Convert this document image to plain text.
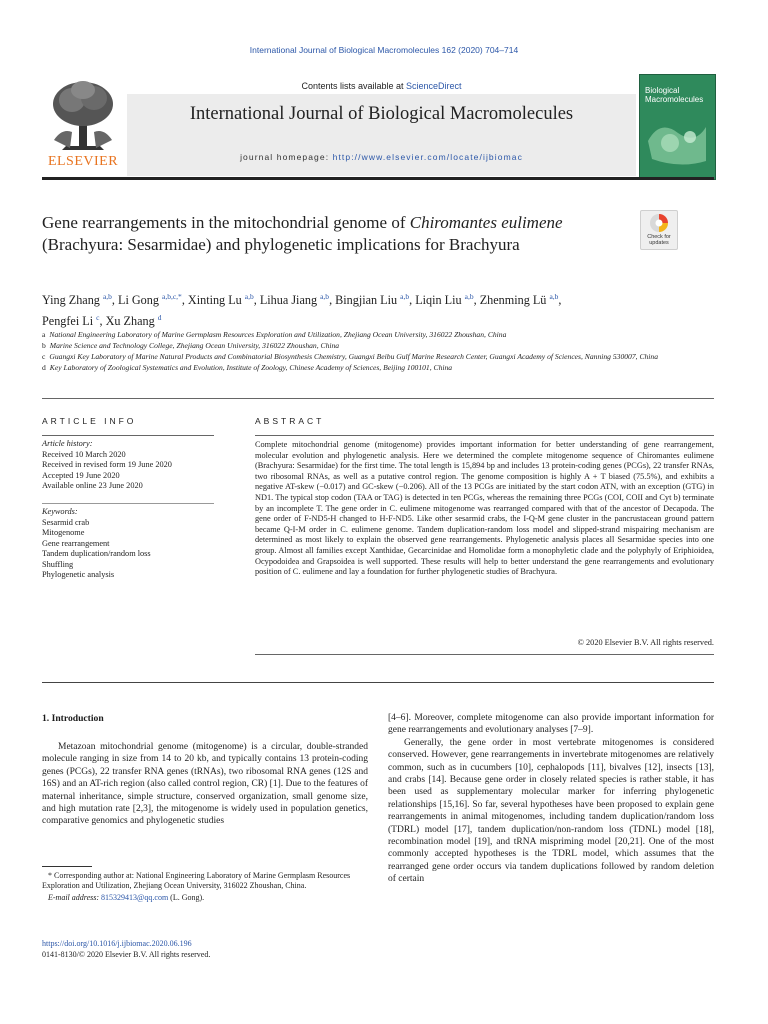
International Journal of Biological Macromolecules 162 (2020) 704–714
ELSEVIER
Contents lists available at ScienceDirect
International Journal of Biological Macromolecules
journal homepage: http://www.elsevier.com/locate/ijbiomac
Biological
Macromolecules
Gene rearrangements in the mitochondrial genome of Chiromantes eulimene (Brachyura: Sesarmidae) and phylogenetic implications for Brachyura	Check for updates
Ying Zhang $^{a,b}$, Li Gong $^{a,b,c,*}$, Xinting Lu $^{a,b}$, Lihua Jiang $^{a,b}$, Bingjian Liu $^{a,b}$, Liqin Liu $^{a,b}$, Zhenming Lü $^{a,b}$,
Pengfei Li $^c$, Xu Zhang $^d$
a National Engineering Laboratory of Marine Germplasm Resources Exploration and Utilization, Zhejiang Ocean University, 316022 Zhoushan, China
b Marine Science and Technology College, Zhejiang Ocean University, 316022 Zhoushan, China
c Guangxi Key Laboratory of Marine Natural Products and Combinatorial Biosynthesis Chemistry, Guangxi Beibu Gulf Marine Research Center, Guangxi Academy of Sciences, Nanning 530007, China
d Key Laboratory of Zoological Systematics and Evolution, Institute of Zoology, Chinese Academy of Sciences, Beijing 100101, China
ARTICLE INFO
Article history:
Received 10 March 2020
Received in revised form 19 June 2020
Accepted 19 June 2020
Available online 23 June 2020
Keywords:
Sesarmid crab
Mitogenome
Gene rearrangement
Tandem duplication/random loss
Shuffling
Phylogenetic analysis
ABSTRACT
Complete mitochondrial genome (mitogenome) provides important information for better understanding of gene rearrangement, molecular evolution and phylogenetic analysis. Here we determined the complete mitogenome sequence of Chiromantes eulimene (Brachyura: Sesarmidae) for the first time. The total length is 15,894 bp and includes 13 protein-coding genes (PCGs), 22 transfer RNAs, two ribosomal RNAs, as well as a putative control region. The genome composition is highly A + T biased (75.5%), and exhibits a negative AT-skew (−0.017) and GC-skew (−0.206). All of the 13 PCGs are initiated by the start codon ATN, with an exception (GTG) in ND1. The typical stop codon (TAA or TAG) is detected in ten PCGs, whereas the remaining three PCGs (COI, COII and Cyt b) terminate by an incomplete T. The gene order in C. eulimene mitogenome was rearranged compared with that of the ancestor of Decapoda. The gene order of F-ND5-H changed to H-F-ND5. Like other sesarmid crabs, the I-Q-M gene cluster in the pancrustacean ground pattern became Q-I-M order in C. eulimene genome. Tandem duplication-random loss model and slipped-strand mispairing mechanism are determined as most likely to explain the observed gene rearrangements. Phylogenetic analysis places all Sesarmidae species into one group. Almost all families except Xanthidae, Gecarcinidae and Homolidae form a monophyletic clade and the polyphyly of Eriphioidea, Ocypodoidea and Grapsoidea is well supported. These results will help to better understand the gene rearrangements and evolutionary position of C. eulimene and lay a foundation for further phylogenetic studies of Brachyura.
© 2020 Elsevier B.V. All rights reserved.
1. Introduction
Metazoan mitochondrial genome (mitogenome) is a circular, double-stranded molecule ranging in size from 14 to 20 kb, and typically contains 13 protein-coding genes (PCGs), 22 transfer RNA genes (tRNAs), two ribosomal RNA genes (12S and 16S) and an AT-rich region (also called control region, CR) [1]. Due to the features of maternal inheritance, simple structure, conserved organization, small genome size, and high mutation rate [2,3], the mitogenome is widely used in population genetics, comparative genomics and phylogenetic studies
[4–6]. Moreover, complete mitogenome can also provide important information for gene rearrangements and evolutionary analyses [7–9].
Generally, the gene order in most vertebrate mitogenomes is considered conserved. However, gene rearrangements in invertebrate mitogenomes are relatively common, such as in cucumbers [10], cephalopods [11], bivalves [12], insects [13], and crabs [14]. Because gene order in closely related species is rather stable, it has been used as supplementary molecular marker for inferring phylogenetic relationships [15,16]. So far, several hypotheses have been proposed to explain gene rearrangements in animal mitogenomes, including tandem duplication/random loss (TDRL) model [17], tandem duplication/non-random loss (TDNL) model [18], recombination model [19], and tRNA mispriming model [20,21]. One of the most commonly accepted hypotheses is the TDRL model, which assumes that the rearranged gene order occurs via tandem duplications followed by random deletion of certain
* Corresponding author at: National Engineering Laboratory of Marine Germplasm Resources Exploration and Utilization, Zhejiang Ocean University, 316022 Zhoushan, China.
E-mail address: 815329413@qq.com (L. Gong).
https://doi.org/10.1016/j.ijbiomac.2020.06.196
0141-8130/© 2020 Elsevier B.V. All rights reserved.
